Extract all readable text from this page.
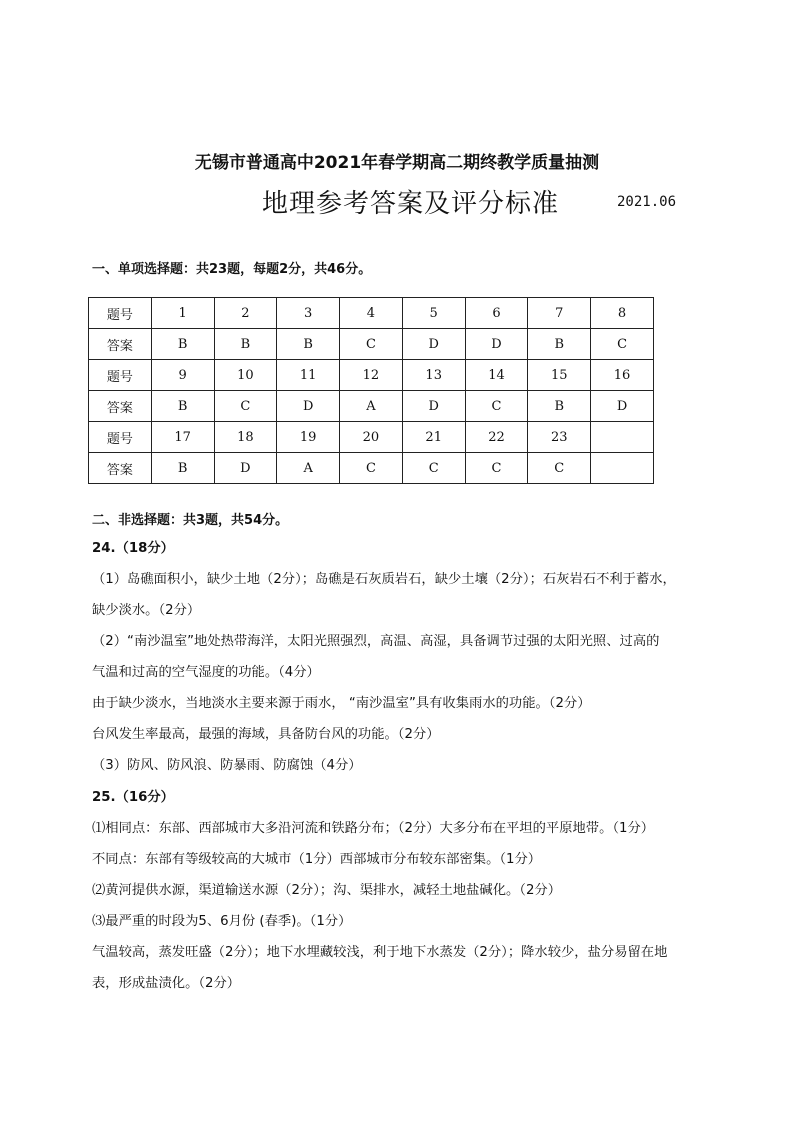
无锡市普通高中2021年春学期高二期终教学质量抽测
地理参考答案及评分标准	2021.06
一、单项选择题：共23题，每题2分，共46分。
题号	1	2	3	4	5	6	7	8
答案	B	B	B	C	D	D	B	C
题号	9	10	11	12	13	14	15	16
答案	B	C	D	A	D	C	B	D
题号	17	18	19	20	21	22	23	
答案	B	D	A	C	C	C	C	
二、非选择题：共3题，共54分。
24.（18分）
（1）岛礁面积小，缺少土地（2分）；岛礁是石灰质岩石，缺少土壤（2分）；石灰岩石不利于蓄水，
缺少淡水。（2分）
（2）“南沙温室”地处热带海洋，太阳光照强烈，高温、高湿，具备调节过强的太阳光照、过高的
气温和过高的空气湿度的功能。（4分）
由于缺少淡水，当地淡水主要来源于雨水， “南沙温室”具有收集雨水的功能。（2分）
台风发生率最高，最强的海域，具备防台风的功能。（2分）
（3）防风、防风浪、防暴雨、防腐蚀（4分）
25.（16分）
⑴相同点：东部、西部城市大多沿河流和铁路分布；（2分）大多分布在平坦的平原地带。（1分）
不同点：东部有等级较高的大城市（1分）西部城市分布较东部密集。（1分）
⑵黄河提供水源，渠道输送水源（2分）；沟、渠排水，减轻土地盐碱化。（2分）
⑶最严重的时段为5、6月份 (春季)。（1分）
气温较高，蒸发旺盛（2分）；地下水埋藏较浅，利于地下水蒸发（2分）；降水较少，盐分易留在地
表，形成盐渍化。（2分）
